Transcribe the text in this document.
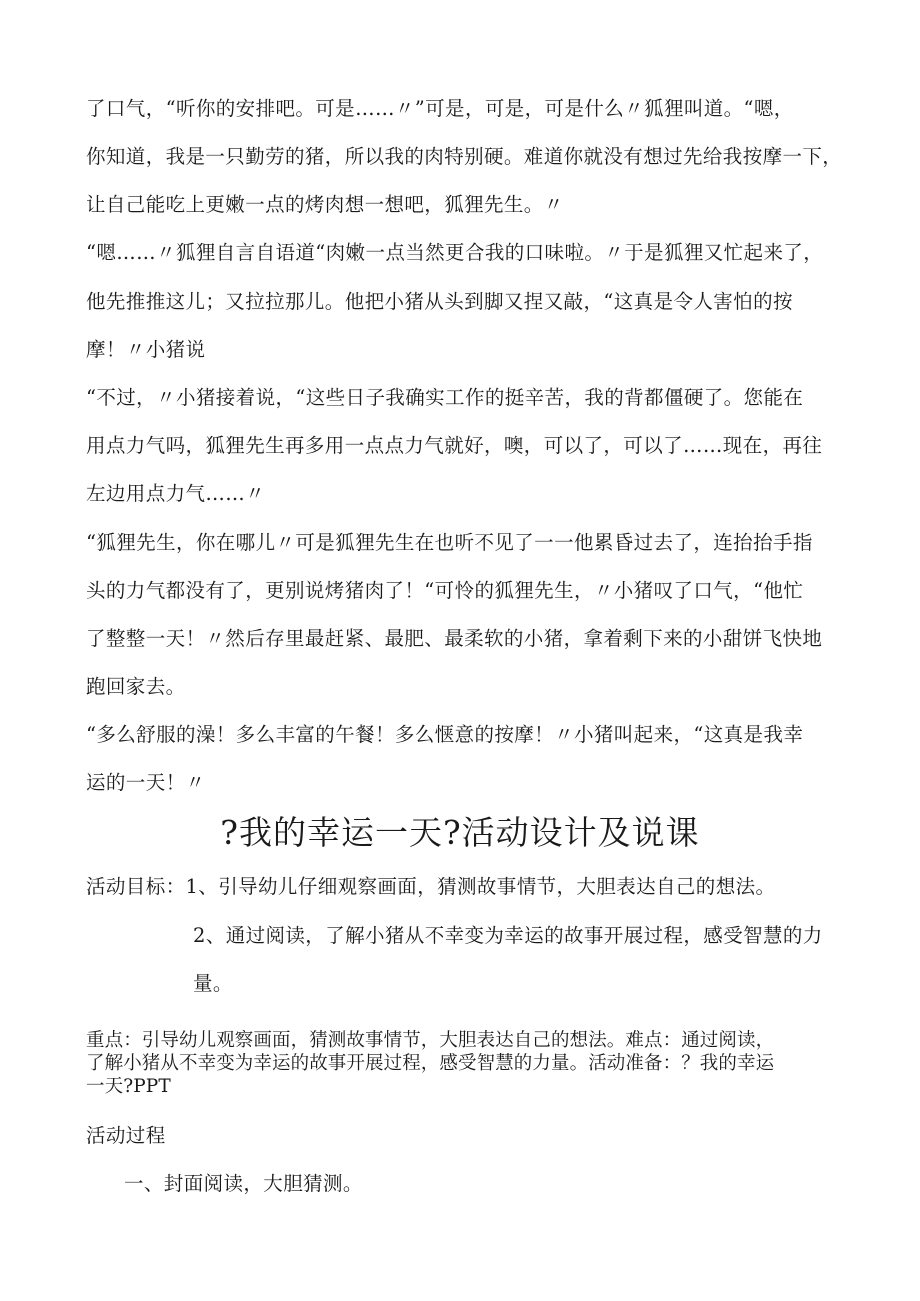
了口气，“听你的安排吧。可是……〃”可是，可是，可是什么〃狐狸叫道。“嗯，
你知道，我是一只勤劳的猪，所以我的肉特别硬。难道你就没有想过先给我按摩一下，
让自己能吃上更嫩一点的烤肉想一想吧，狐狸先生。〃
“嗯……〃狐狸自言自语道“肉嫩一点当然更合我的口味啦。〃于是狐狸又忙起来了，
他先推推这儿；又拉拉那儿。他把小猪从头到脚又捏又敲，“这真是令人害怕的按
摩！〃小猪说
“不过，〃小猪接着说，“这些日子我确实工作的挺辛苦，我的背都僵硬了。您能在
用点力气吗，狐狸先生再多用一点点力气就好，噢，可以了，可以了……现在，再往
左边用点力气……〃
“狐狸先生，你在哪儿〃可是狐狸先生在也听不见了一一他累昏过去了，连抬抬手指
头的力气都没有了，更别说烤猪肉了！“可怜的狐狸先生，〃小猪叹了口气，“他忙
了整整一天！〃然后存里最赶紧、最肥、最柔软的小猪，拿着剩下来的小甜饼飞快地
跑回家去。
“多么舒服的澡！多么丰富的午餐！多么惬意的按摩！〃小猪叫起来，“这真是我幸
运的一天！〃
?我的幸运一天?活动设计及说课
活动目标：1、引导幼儿仔细观察画面，猜测故事情节，大胆表达自己的想法。
2、通过阅读，了解小猪从不幸变为幸运的故事开展过程，感受智慧的力
量。
重点：引导幼儿观察画面，猜测故事情节，大胆表达自己的想法。难点：通过阅读，
了解小猪从不幸变为幸运的故事开展过程，感受智慧的力量。活动准备：？我的幸运
一天?PPT
活动过程
一、封面阅读，大胆猜测。
